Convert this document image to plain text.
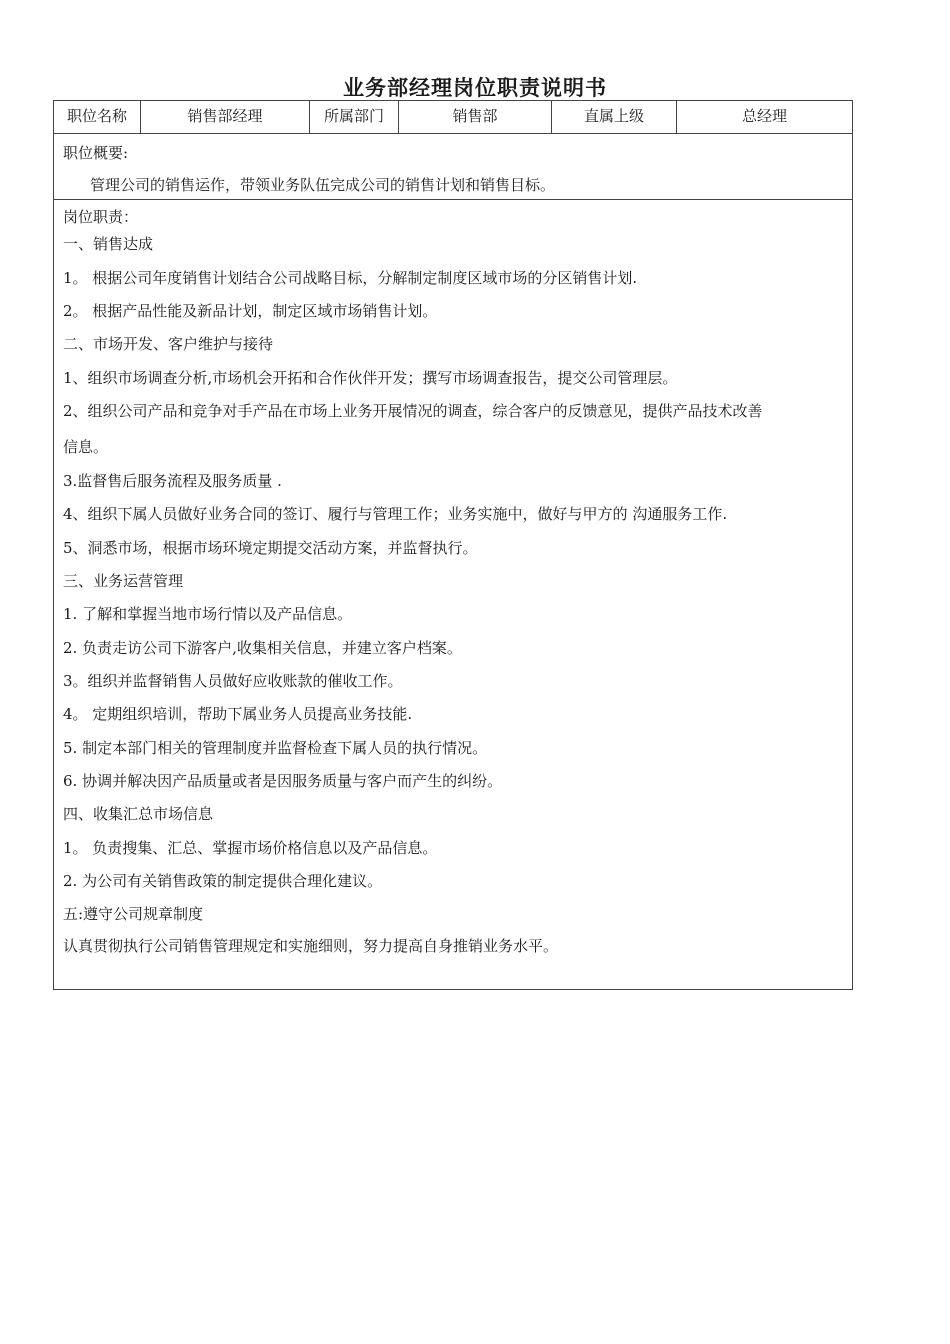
业务部经理岗位职责说明书
职位名称	销售部经理	所属部门	销售部	直属上级	总经理
职位概要:
管理公司的销售运作，带领业务队伍完成公司的销售计划和销售目标。
岗位职责：
一、销售达成
1。 根据公司年度销售计划结合公司战略目标，分解制定制度区域市场的分区销售计划.
2。 根据产品性能及新品计划，制定区域市场销售计划。
二、市场开发、客户维护与接待
1、组织市场调查分析,市场机会开拓和合作伙伴开发；撰写市场调查报告，提交公司管理层。
2、组织公司产品和竞争对手产品在市场上业务开展情况的调查，综合客户的反馈意见，提供产品技术改善
信息。
3.监督售后服务流程及服务质量 .
4、组织下属人员做好业务合同的签订、履行与管理工作；业务实施中，做好与甲方的 沟通服务工作.
5、洞悉市场，根据市场环境定期提交活动方案，并监督执行。
三、业务运营管理
1. 了解和掌握当地市场行情以及产品信息。
2. 负责走访公司下游客户,收集相关信息，并建立客户档案。
3。组织并监督销售人员做好应收账款的催收工作。
4。 定期组织培训，帮助下属业务人员提高业务技能.
5. 制定本部门相关的管理制度并监督检查下属人员的执行情况。
6. 协调并解决因产品质量或者是因服务质量与客户而产生的纠纷。
四、收集汇总市场信息
1。 负责搜集、汇总、掌握市场价格信息以及产品信息。
2. 为公司有关销售政策的制定提供合理化建议。
五:遵守公司规章制度
认真贯彻执行公司销售管理规定和实施细则，努力提高自身推销业务水平。
